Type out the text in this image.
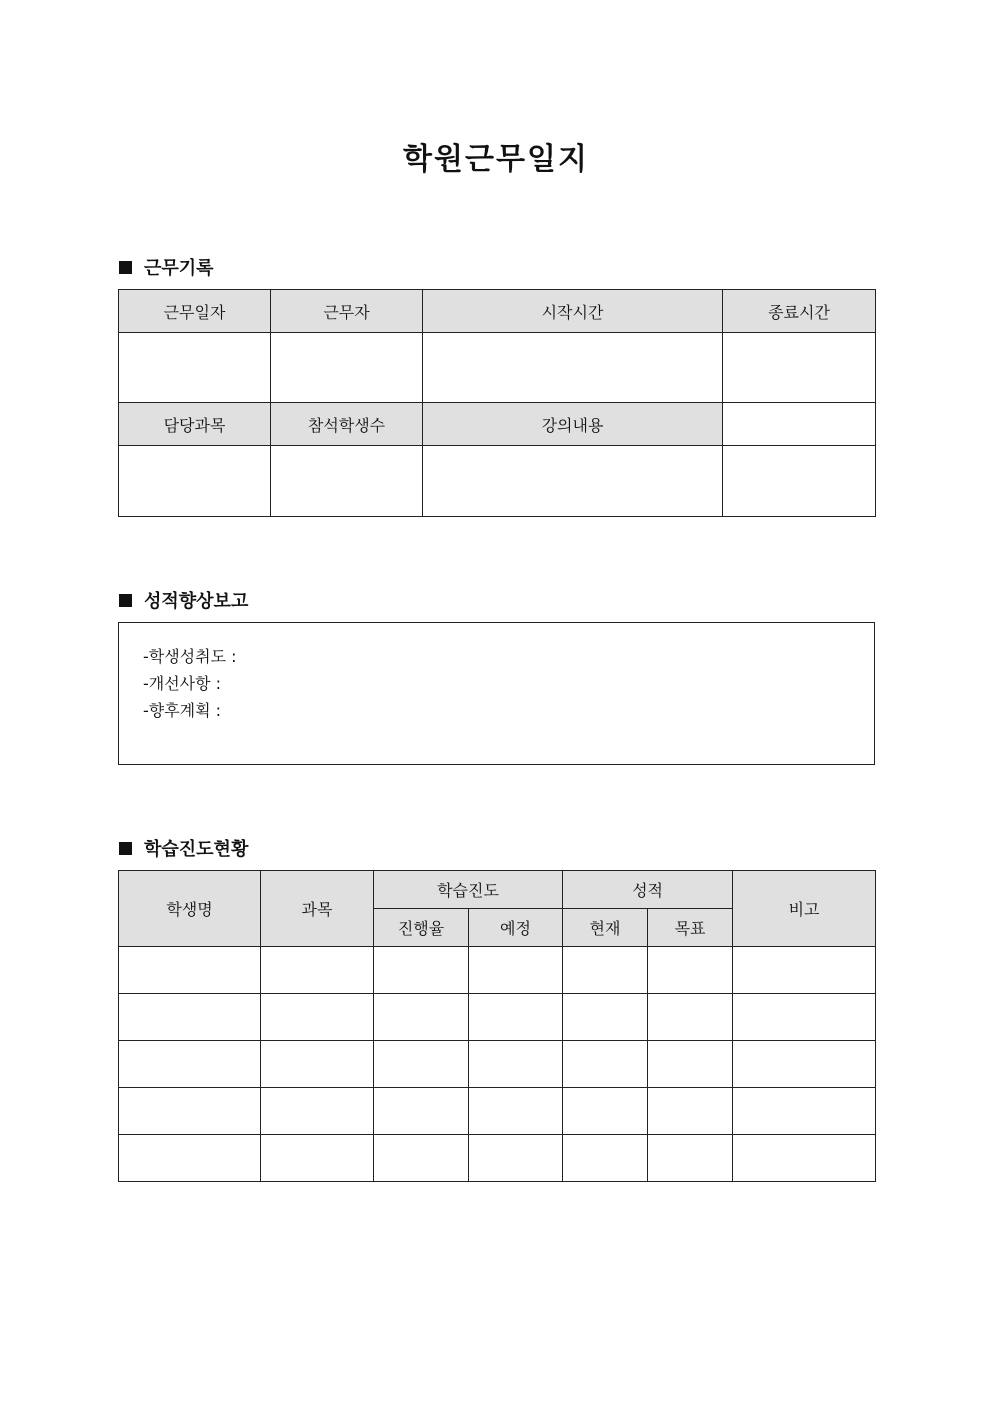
학원근무일지
근무기록
근무일자	근무자	시작시간	종료시간

담당과목	참석학생수	강의내용	

성적향상보고
-학생성취도 :
-개선사항 :
-향후계획 :
학습진도현황
학생명	과목	학습진도		성적		비고
		진행율	예정	현재	목표	
